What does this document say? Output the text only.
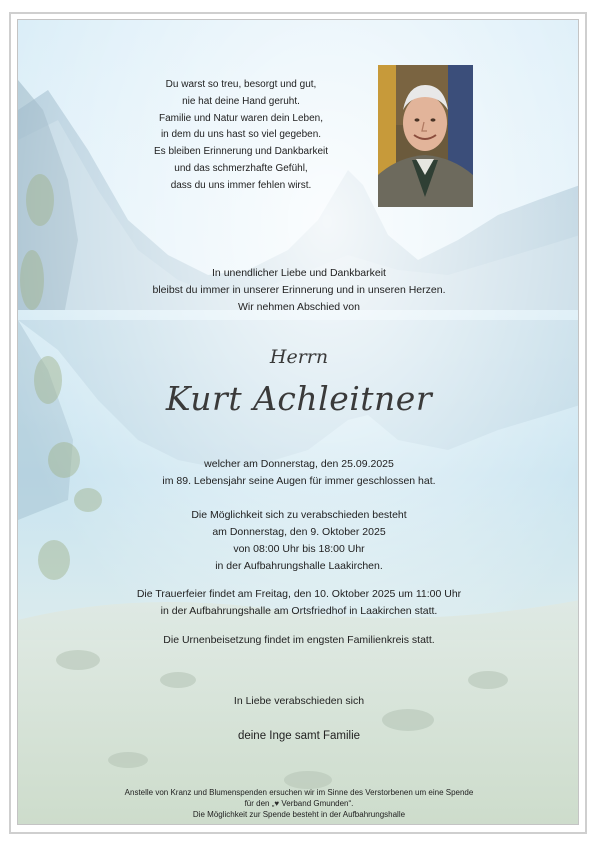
Du warst so treu, besorgt und gut,
nie hat deine Hand geruht.
Familie und Natur waren dein Leben,
in dem du uns hast so viel gegeben.
Es bleiben Erinnerung und Dankbarkeit
und das schmerzhafte Gefühl,
dass du uns immer fehlen wirst.
In unendlicher Liebe und Dankbarkeit
bleibst du immer in unserer Erinnerung und in unseren Herzen.
Wir nehmen Abschied von
Herrn
Kurt Achleitner
welcher am Donnerstag, den 25.09.2025
im 89. Lebensjahr seine Augen für immer geschlossen hat.
Die Möglichkeit sich zu verabschieden besteht
am Donnerstag, den 9. Oktober 2025
von 08:00 Uhr bis 18:00 Uhr
in der Aufbahrungshalle Laakirchen.
Die Trauerfeier findet am Freitag, den 10. Oktober 2025 um 11:00 Uhr
in der Aufbahrungshalle am Ortsfriedhof in Laakirchen statt.
Die Urnenbeisetzung findet im engsten Familienkreis statt.
In Liebe verabschieden sich
deine Inge samt Familie
Anstelle von Kranz und Blumenspenden ersuchen wir im Sinne des Verstorbenen um eine Spende
für den „♥ Verband Gmunden“.
Die Möglichkeit zur Spende besteht in der Aufbahrungshalle
